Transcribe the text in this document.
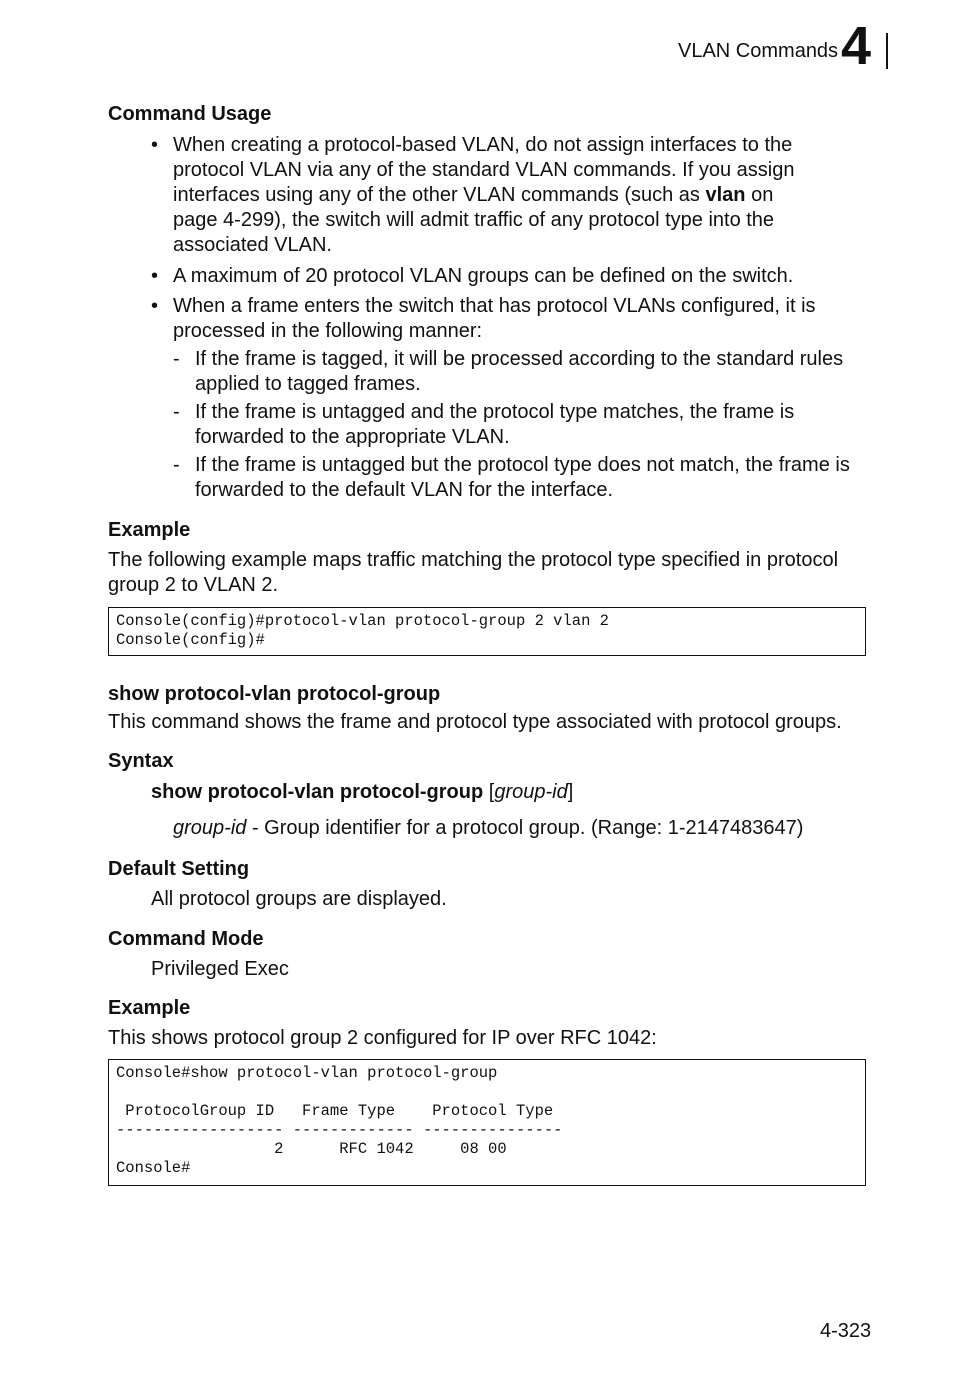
VLAN Commands 4
Command Usage
• When creating a protocol-based VLAN, do not assign interfaces to the
protocol VLAN via any of the standard VLAN commands. If you assign
interfaces using any of the other VLAN commands (such as vlan on
page 4-299), the switch will admit traffic of any protocol type into the
associated VLAN.
• A maximum of 20 protocol VLAN groups can be defined on the switch.
• When a frame enters the switch that has protocol VLANs configured, it is
processed in the following manner:
- If the frame is tagged, it will be processed according to the standard rules
applied to tagged frames.
- If the frame is untagged and the protocol type matches, the frame is
forwarded to the appropriate VLAN.
- If the frame is untagged but the protocol type does not match, the frame is
forwarded to the default VLAN for the interface.
Example
The following example maps traffic matching the protocol type specified in protocol
group 2 to VLAN 2.
Console(config)#protocol-vlan protocol-group 2 vlan 2
Console(config)#
show protocol-vlan protocol-group
This command shows the frame and protocol type associated with protocol groups.
Syntax
show protocol-vlan protocol-group [group-id]
group-id - Group identifier for a protocol group. (Range: 1-2147483647)
Default Setting
All protocol groups are displayed.
Command Mode
Privileged Exec
Example
This shows protocol group 2 configured for IP over RFC 1042:
Console#show protocol-vlan protocol-group

ProtocolGroup ID   Frame Type    Protocol Type
------------------ ------------- ---------------
2      RFC 1042     08 00
Console#
4-323
